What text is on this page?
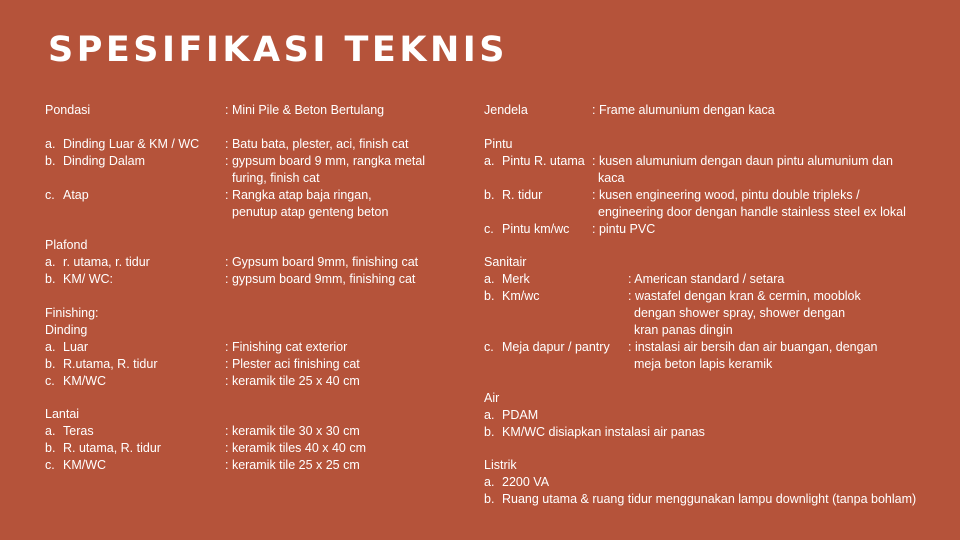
SPESIFIKASI TEKNIS
Pondasi	: Mini Pile & Beton Bertulang
a. Dinding Luar & KM / WC : Batu bata, plester, aci, finish cat
b. Dinding Dalam	: gypsum board 9 mm, rangka metal
furing, finish cat
c. Atap	: Rangka atap baja ringan,
penutup atap genteng beton
Plafond
a. r. utama, r. tidur	: Gypsum board 9mm, finishing cat
b. KM/ WC:	: gypsum board 9mm, finishing cat
Finishing:
Dinding
a. Luar	: Finishing cat exterior
b. R.utama, R. tidur	: Plester aci finishing cat
c. KM/WC	: keramik tile 25 x 40 cm
Lantai
a. Teras	: keramik tile 30 x 30 cm
b. R. utama, R. tidur	: keramik tiles 40 x 40 cm
c. KM/WC	: keramik tile 25 x 25 cm
Jendela	: Frame alumunium dengan kaca
Pintu
a. Pintu R. utama : kusen alumunium dengan daun pintu alumunium dan
kaca
b. R. tidur	: kusen engineering wood, pintu double tripleks /
engineering door dengan handle stainless steel ex lokal
c. Pintu km/wc : pintu PVC
Sanitair
a. Merk	: American standard / setara
b. Km/wc	: wastafel dengan kran & cermin, mooblok
dengan shower spray, shower dengan
kran panas dingin
c. Meja dapur / pantry : instalasi air bersih dan air buangan, dengan
meja beton lapis keramik
Air
a. PDAM
b. KM/WC disiapkan instalasi air panas
Listrik
a. 2200 VA
b. Ruang utama & ruang tidur menggunakan lampu downlight (tanpa bohlam)
